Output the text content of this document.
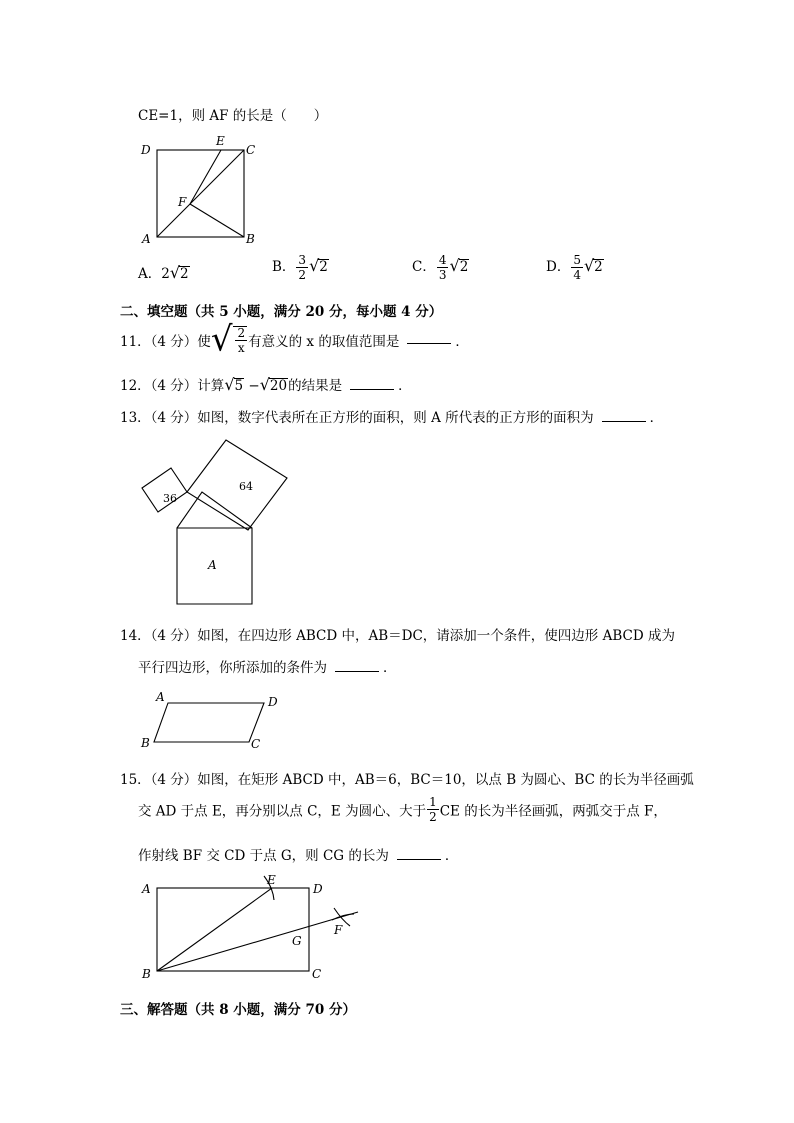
CE=1，则 AF 的长是（　　）
D
E
C
F
A	B
A．2√2	B． $\frac{3}{2} √2$	C． $\frac{4}{3} √2$	D． $\frac{5}{4} √2$
二、填空题（共 5 小题，满分 20 分，每小题 4 分）
11．（4 分）使√ $\frac{2}{x}$ 有意义的 x 的取值范围是	．
12．（4 分）计算√5 −√20的结果是	．
13．（4 分）如图，数字代表所在正方形的面积，则 A 所代表的正方形的面积为	．
36
64
A
14．（4 分）如图，在四边形 ABCD 中，AB＝DC，请添加一个条件，使四边形 ABCD 成为
平行四边形，你所添加的条件为	．
A	D
B	C
15．（4 分）如图，在矩形 ABCD 中，AB＝6，BC＝10，以点 B 为圆心、BC 的长为半径画弧
交 AD 于点 E，再分别以点 C，E 为圆心、大于 $\frac{1}{2}$ CE 的长为半径画弧，两弧交于点 F，
作射线 BF 交 CD 于点 G，则 CG 的长为	．
A
E
D
G
F
B	C
三、解答题（共 8 小题，满分 70 分）
